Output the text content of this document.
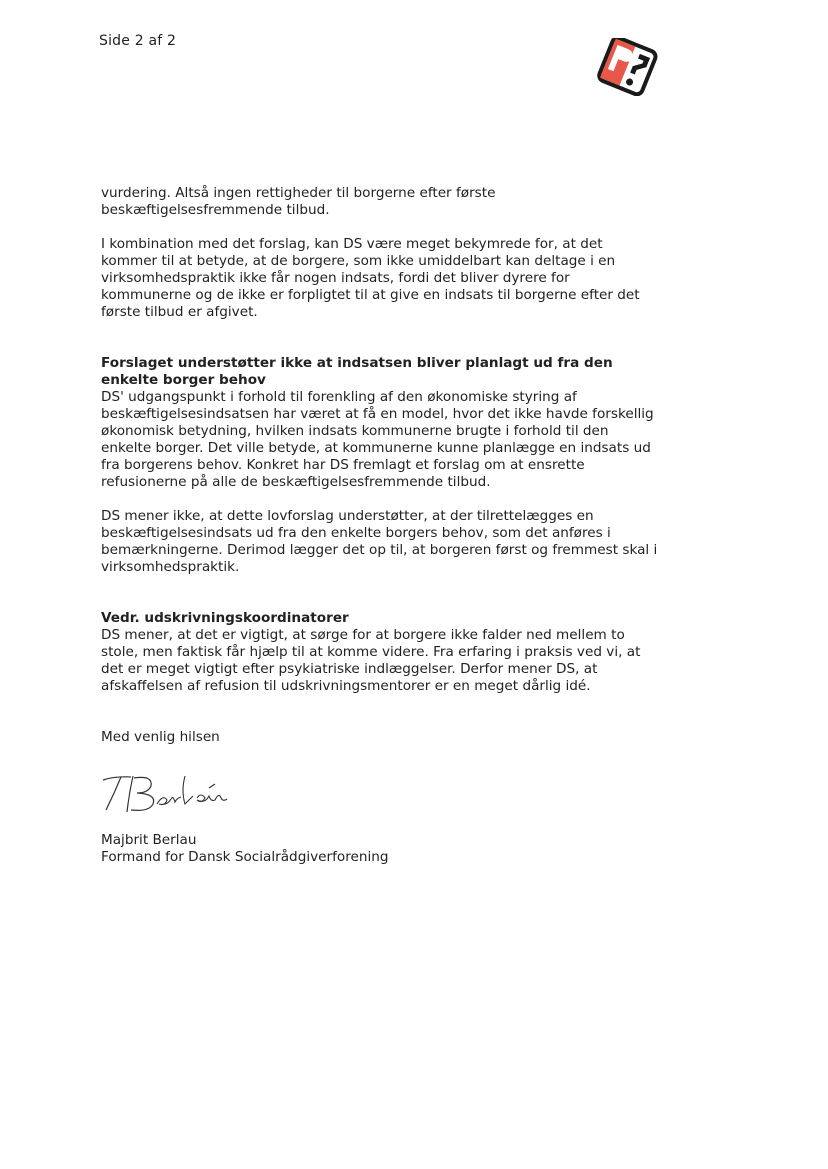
Side 2 af 2

vurdering. Altså ingen rettigheder til borgerne efter første beskæftigelsesfremmende tilbud.

I kombination med det forslag, kan DS være meget bekymrede for, at det kommer til at betyde, at de borgere, som ikke umiddelbart kan deltage i en virksomhedspraktik ikke får nogen indsats, fordi det bliver dyrere for kommunerne og de ikke er forpligtet til at give en indsats til borgerne efter det første tilbud er afgivet.

Forslaget understøtter ikke at indsatsen bliver planlagt ud fra den enkelte borger behov

DS' udgangspunkt i forhold til forenkling af den økonomiske styring af beskæftigelsesindsatsen har været at få en model, hvor det ikke havde forskellig økonomisk betydning, hvilken indsats kommunerne brugte i forhold til den enkelte borger. Det ville betyde, at kommunerne kunne planlægge en indsats ud fra borgerens behov. Konkret har DS fremlagt et forslag om at ensrette refusionerne på alle de beskæftigelsesfremmende tilbud.

DS mener ikke, at dette lovforslag understøtter, at der tilrettelægges en beskæftigelsesindsats ud fra den enkelte borgers behov, som det anføres i bemærkningerne. Derimod lægger det op til, at borgeren først og fremmest skal i virksomhedspraktik.

Vedr. udskrivningskoordinatorer

DS mener, at det er vigtigt, at sørge for at borgere ikke falder ned mellem to stole, men faktisk får hjælp til at komme videre. Fra erfaring i praksis ved vi, at det er meget vigtigt efter psykiatriske indlæggelser. Derfor mener DS, at afskaffelsen af refusion til udskrivningsmentorer er en meget dårlig idé.

Med venlig hilsen

Majbrit Berlau

Formand for Dansk Socialrådgiverforening
